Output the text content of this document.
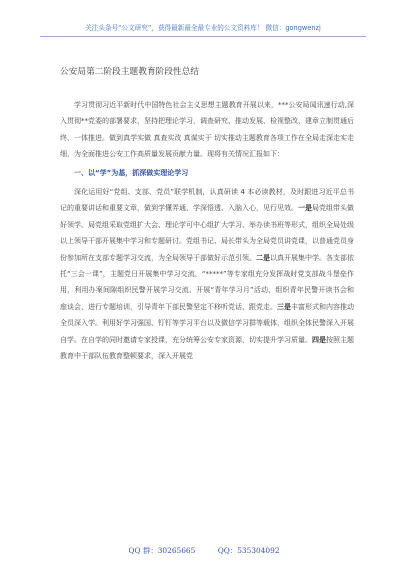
关注头条号“公文研究”，获得最新最全最专业的公文资料库！ 微信：gongwenzj
公安局第二阶段主题教育阶段性总结

学习贯彻习近平新时代中国特色社会主义思想主题教育开展以来，***公安局闻讯速行动,深入贯彻**党委的部署要求，坚持把理论学习，调查研究、推动发展、检视整改、建章立制贯通后终、一体推进。做到真学实做 真查实改 真谋实干 切实推动主题教育各项工作在全局走深走实走细，为全面推进公安工作高质量发展贡献力量。现将有关情况汇报如下：

一、以“学”为基，抓深做实理论学习

深化运用好“党组、支部、党员”联学机制，认真研读 4 本必读教材，及时跟进习近平总书记的重要讲话和重要文章，做到学懂弄通、学深悟透、入脑入心，见行见效。一是局党组带头做好领学。局党组采取党组扩大会、理论学可中心组扩大学习、举办读书班等形式，组织全局处级以上领导干部开展集中学习和专题研讨。党组书记、局长带头为全局党员讲党课，以普通党员身份参加所在支部专题学习交流，为全局领导干部做好示范引领。二是以真开展集中学。各支部依托“三会一课”，主题党日开展集中学习交流，“*****”等专家组充分发挥战时党支部战斗堡垒作用，利用办案间隙组织民警开展学习交流、开展“青年学习月”活动，组织青年民警开读书会和座谈会，进行专题培训，引导青年下部民警坚定不移听党话，跟党走。三是丰富形式和内容推动全员深入学。利用好学习强国、钉钉等学习平台以及微信学习群等载体，组织全体民警深入开展自学。在自学的同时邀请专家授课，充分统筹公安专家资源，切实提升学习质量。四是按照主题教育中干部队伍教育整顿要求，深入开展党

QQ 群：30265665	QQ：535304092
